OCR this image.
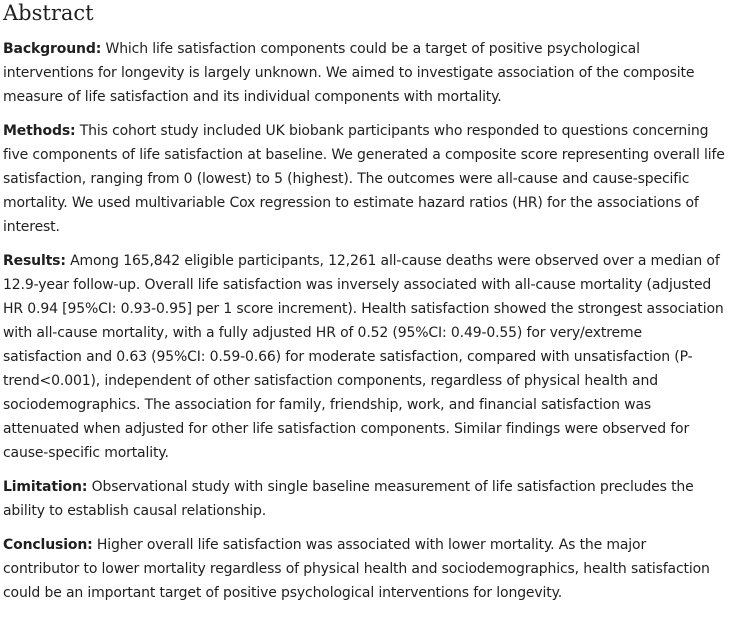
Abstract

Background: Which life satisfaction components could be a target of positive psychological interventions for longevity is largely unknown. We aimed to investigate association of the composite measure of life satisfaction and its individual components with mortality.

Methods: This cohort study included UK biobank participants who responded to questions concerning five components of life satisfaction at baseline. We generated a composite score representing overall life satisfaction, ranging from 0 (lowest) to 5 (highest). The outcomes were all-cause and cause-specific mortality. We used multivariable Cox regression to estimate hazard ratios (HR) for the associations of interest.

Results: Among 165,842 eligible participants, 12,261 all-cause deaths were observed over a median of 12.9-year follow-up. Overall life satisfaction was inversely associated with all-cause mortality (adjusted HR 0.94 [95%CI: 0.93-0.95] per 1 score increment). Health satisfaction showed the strongest association with all-cause mortality, with a fully adjusted HR of 0.52 (95%CI: 0.49-0.55) for very/extreme satisfaction and 0.63 (95%CI: 0.59-0.66) for moderate satisfaction, compared with unsatisfaction (P-trend<0.001), independent of other satisfaction components, regardless of physical health and sociodemographics. The association for family, friendship, work, and financial satisfaction was attenuated when adjusted for other life satisfaction components. Similar findings were observed for cause-specific mortality.

Limitation: Observational study with single baseline measurement of life satisfaction precludes the ability to establish causal relationship.

Conclusion: Higher overall life satisfaction was associated with lower mortality. As the major contributor to lower mortality regardless of physical health and sociodemographics, health satisfaction could be an important target of positive psychological interventions for longevity.
